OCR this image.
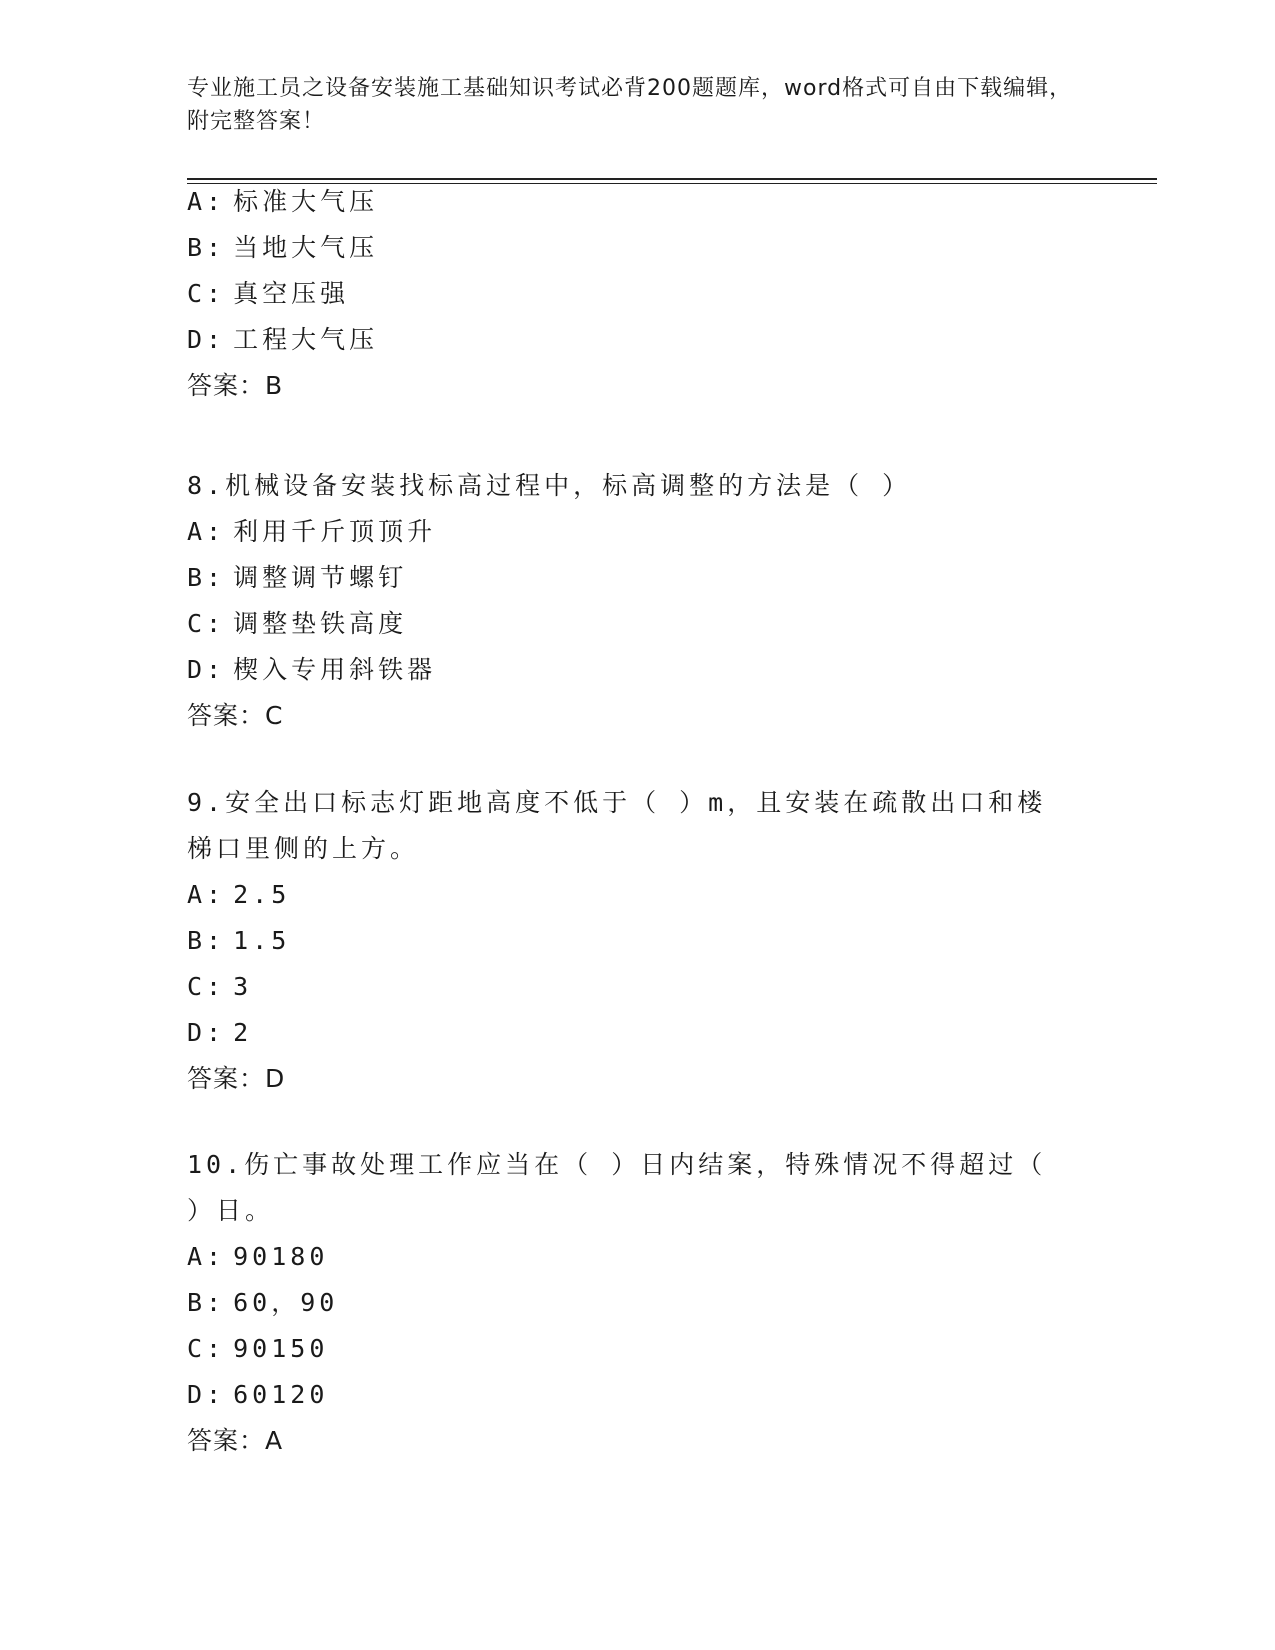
专业施工员之设备安装施工基础知识考试必背200题题库，word格式可自由下载编辑，附完整答案！
A: 标准大气压
B: 当地大气压
C: 真空压强
D: 工程大气压
答案：B
8.机械设备安装找标高过程中，标高调整的方法是（ ）
A: 利用千斤顶顶升
B: 调整调节螺钉
C: 调整垫铁高度
D: 楔入专用斜铁器
答案：C
9.安全出口标志灯距地高度不低于（ ）m，且安装在疏散出口和楼梯口里侧的上方。
A: 2.5
B: 1.5
C: 3
D: 2
答案：D
10.伤亡事故处理工作应当在（ ）日内结案，特殊情况不得超过（ ）日。
A: 90180
B: 60，90
C: 90150
D: 60120
答案：A
